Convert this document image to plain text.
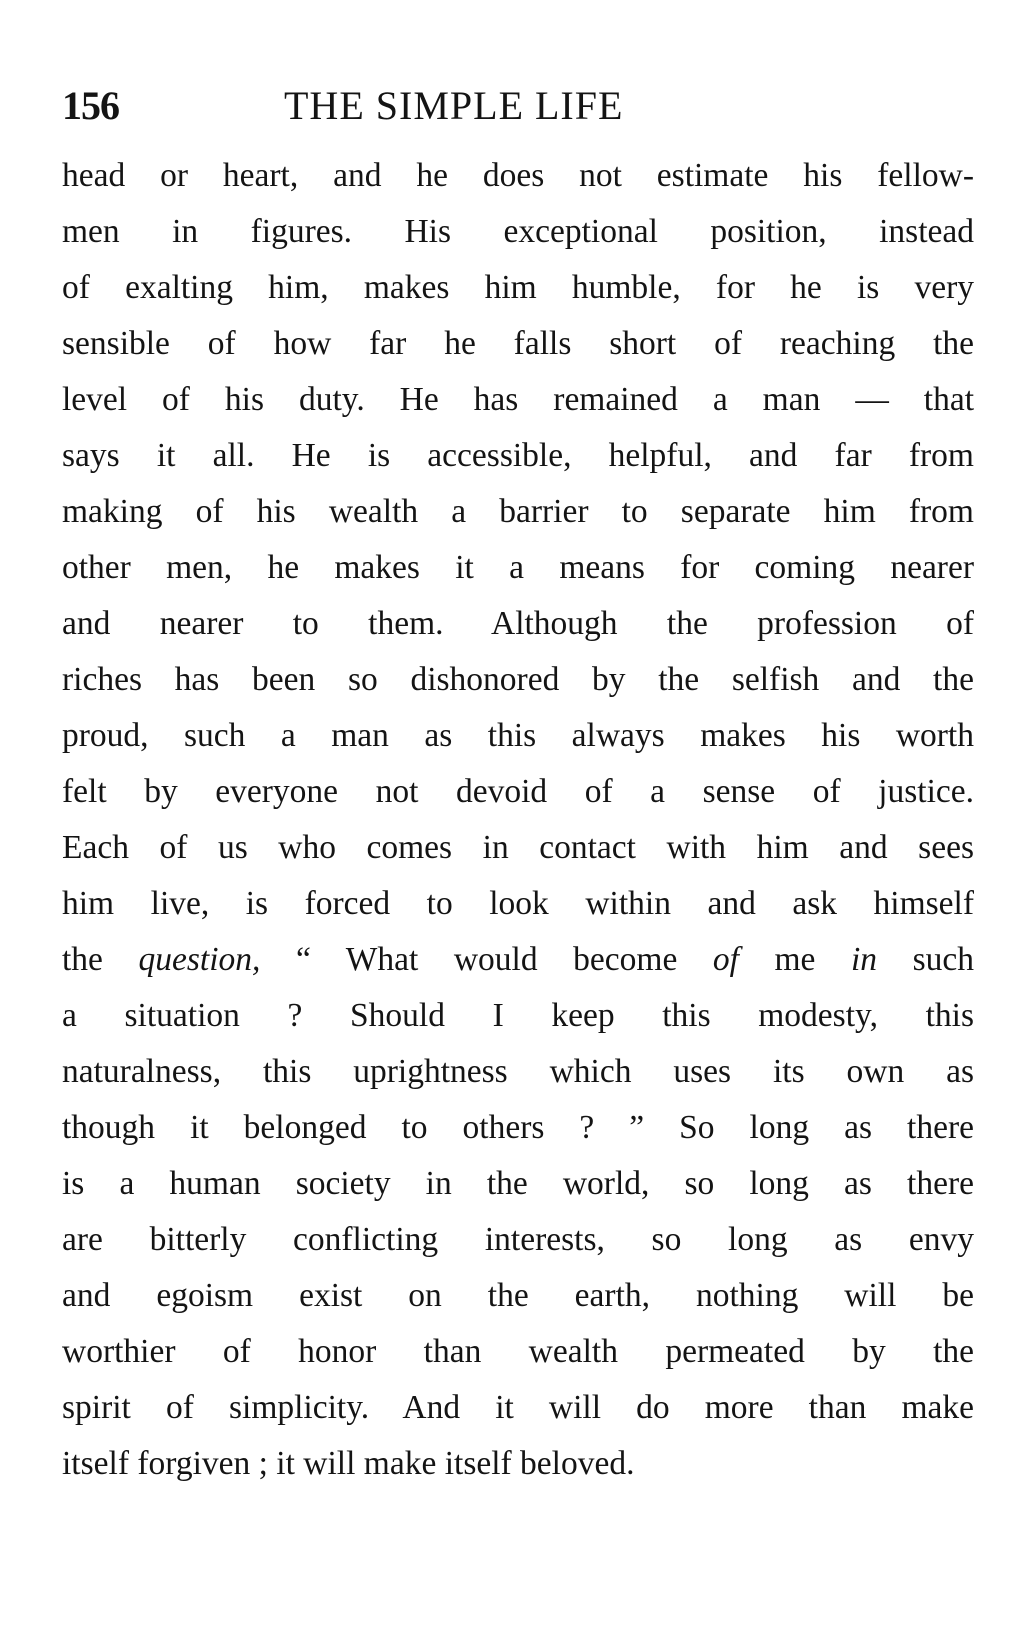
156	THE SIMPLE LIFE
head or heart, and he does not estimate his fellow-
men in figures. His exceptional position, instead
of exalting him, makes him humble, for he is very
sensible of how far he falls short of reaching the
level of his duty. He has remained a man — that
says it all. He is accessible, helpful, and far from
making of his wealth a barrier to separate him from
other men, he makes it a means for coming nearer
and nearer to them. Although the profession of
riches has been so dishonored by the selfish and the
proud, such a man as this always makes his worth
felt by everyone not devoid of a sense of justice.
Each of us who comes in contact with him and sees
him live, is forced to look within and ask himself
the question, “ What would become of me in such
a situation ? Should I keep this modesty, this
naturalness, this uprightness which uses its own as
though it belonged to others ? ” So long as there
is a human society in the world, so long as there
are bitterly conflicting interests, so long as envy
and egoism exist on the earth, nothing will be
worthier of honor than wealth permeated by the
spirit of simplicity. And it will do more than make
itself forgiven ; it will make itself beloved.
